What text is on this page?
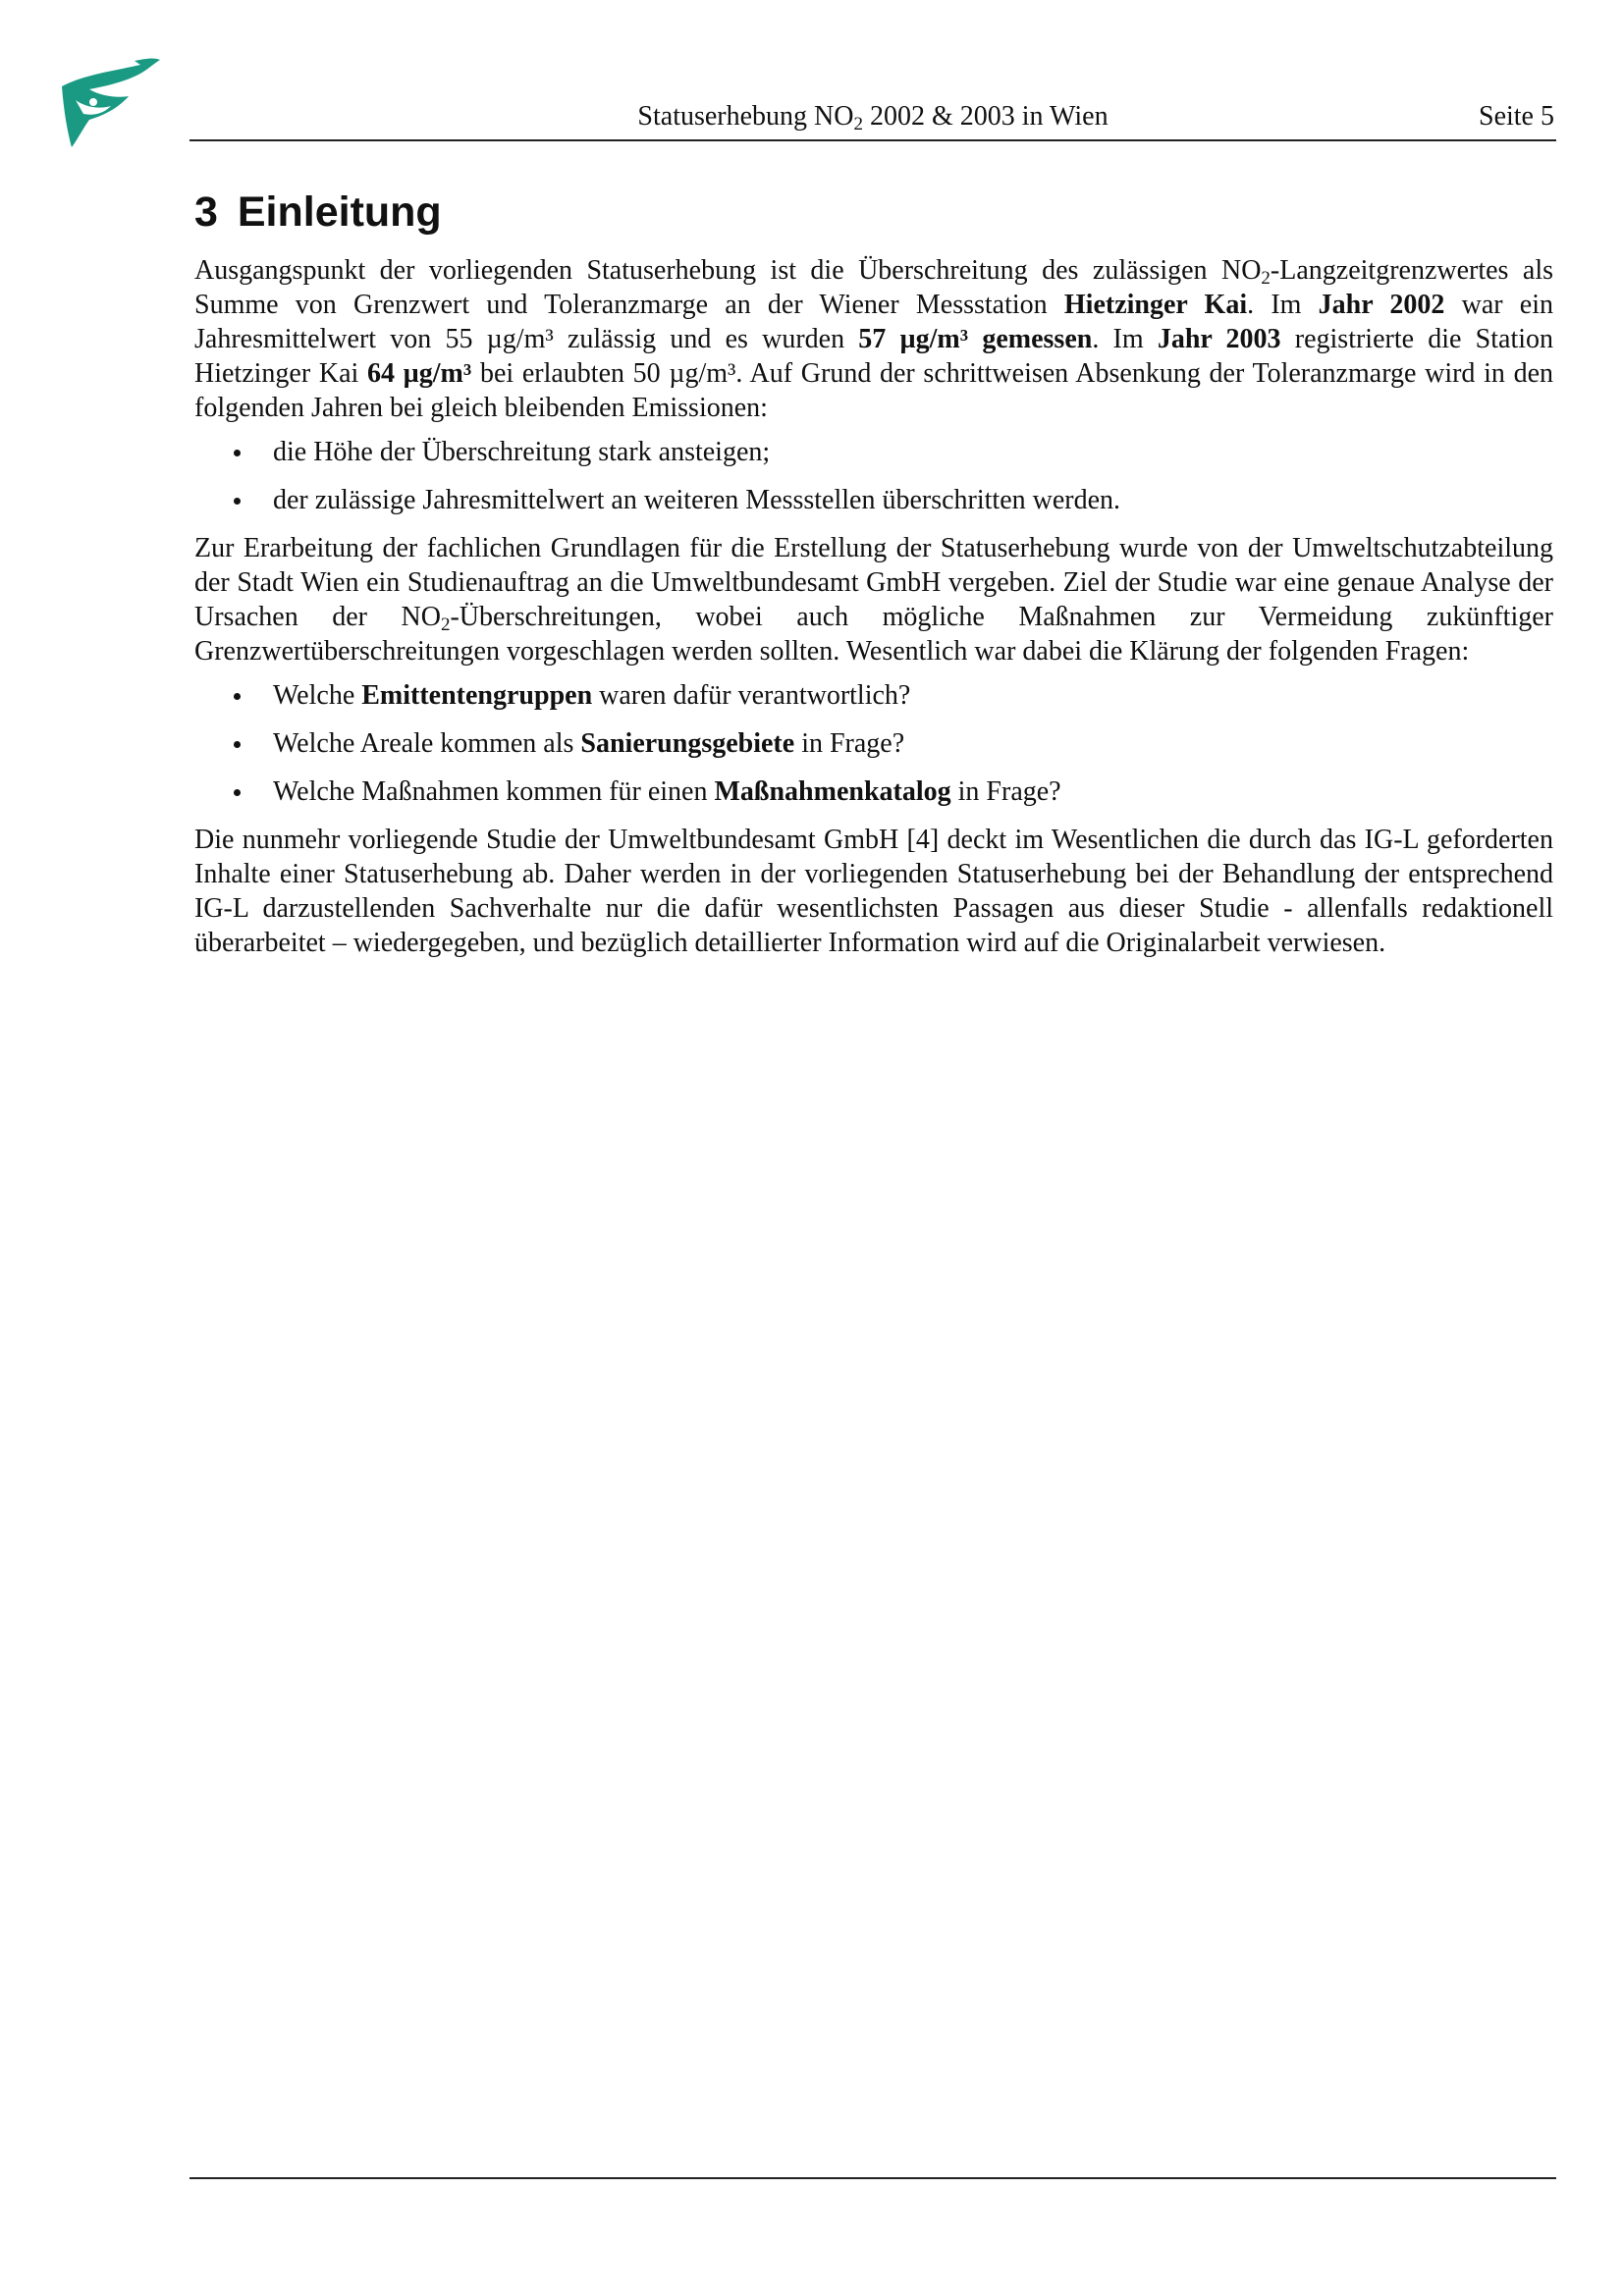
Statuserhebung $NO_2$ 2002 & 2003 in Wien	Seite 5
3 Einleitung

Ausgangspunkt der vorliegenden Statuserhebung ist die Überschreitung des zulässigen $NO_2$-Langzeitgrenzwertes als Summe von Grenzwert und Toleranzmarge an der Wiener Messstation Hietzinger Kai. Im Jahr 2002 war ein Jahresmittelwert von 55 µg/m³ zulässig und es wurden 57 µg/m³ gemessen. Im Jahr 2003 registrierte die Station Hietzinger Kai 64 µg/m³ bei erlaubten 50 µg/m³. Auf Grund der schrittweisen Absenkung der Toleranzmarge wird in den folgenden Jahren bei gleich bleibenden Emissionen:

die Höhe der Überschreitung stark ansteigen;
der zulässige Jahresmittelwert an weiteren Messstellen überschritten werden.

Zur Erarbeitung der fachlichen Grundlagen für die Erstellung der Statuserhebung wurde von der Umweltschutzabteilung der Stadt Wien ein Studienauftrag an die Umweltbundesamt GmbH vergeben. Ziel der Studie war eine genaue Analyse der Ursachen der $NO_2$-Überschreitungen, wobei auch mögliche Maßnahmen zur Vermeidung zukünftiger Grenzwertüberschreitungen vorgeschlagen werden sollten. Wesentlich war dabei die Klärung der folgenden Fragen:

Welche Emittentengruppen waren dafür verantwortlich?
Welche Areale kommen als Sanierungsgebiete in Frage?
Welche Maßnahmen kommen für einen Maßnahmenkatalog in Frage?

Die nunmehr vorliegende Studie der Umweltbundesamt GmbH [4] deckt im Wesentlichen die durch das IG-L geforderten Inhalte einer Statuserhebung ab. Daher werden in der vorliegenden Statuserhebung bei der Behandlung der entsprechend IG-L darzustellenden Sachverhalte nur die dafür wesentlichsten Passagen aus dieser Studie - allenfalls redaktionell überarbeitet – wiedergegeben, und bezüglich detaillierter Information wird auf die Originalarbeit verwiesen.
